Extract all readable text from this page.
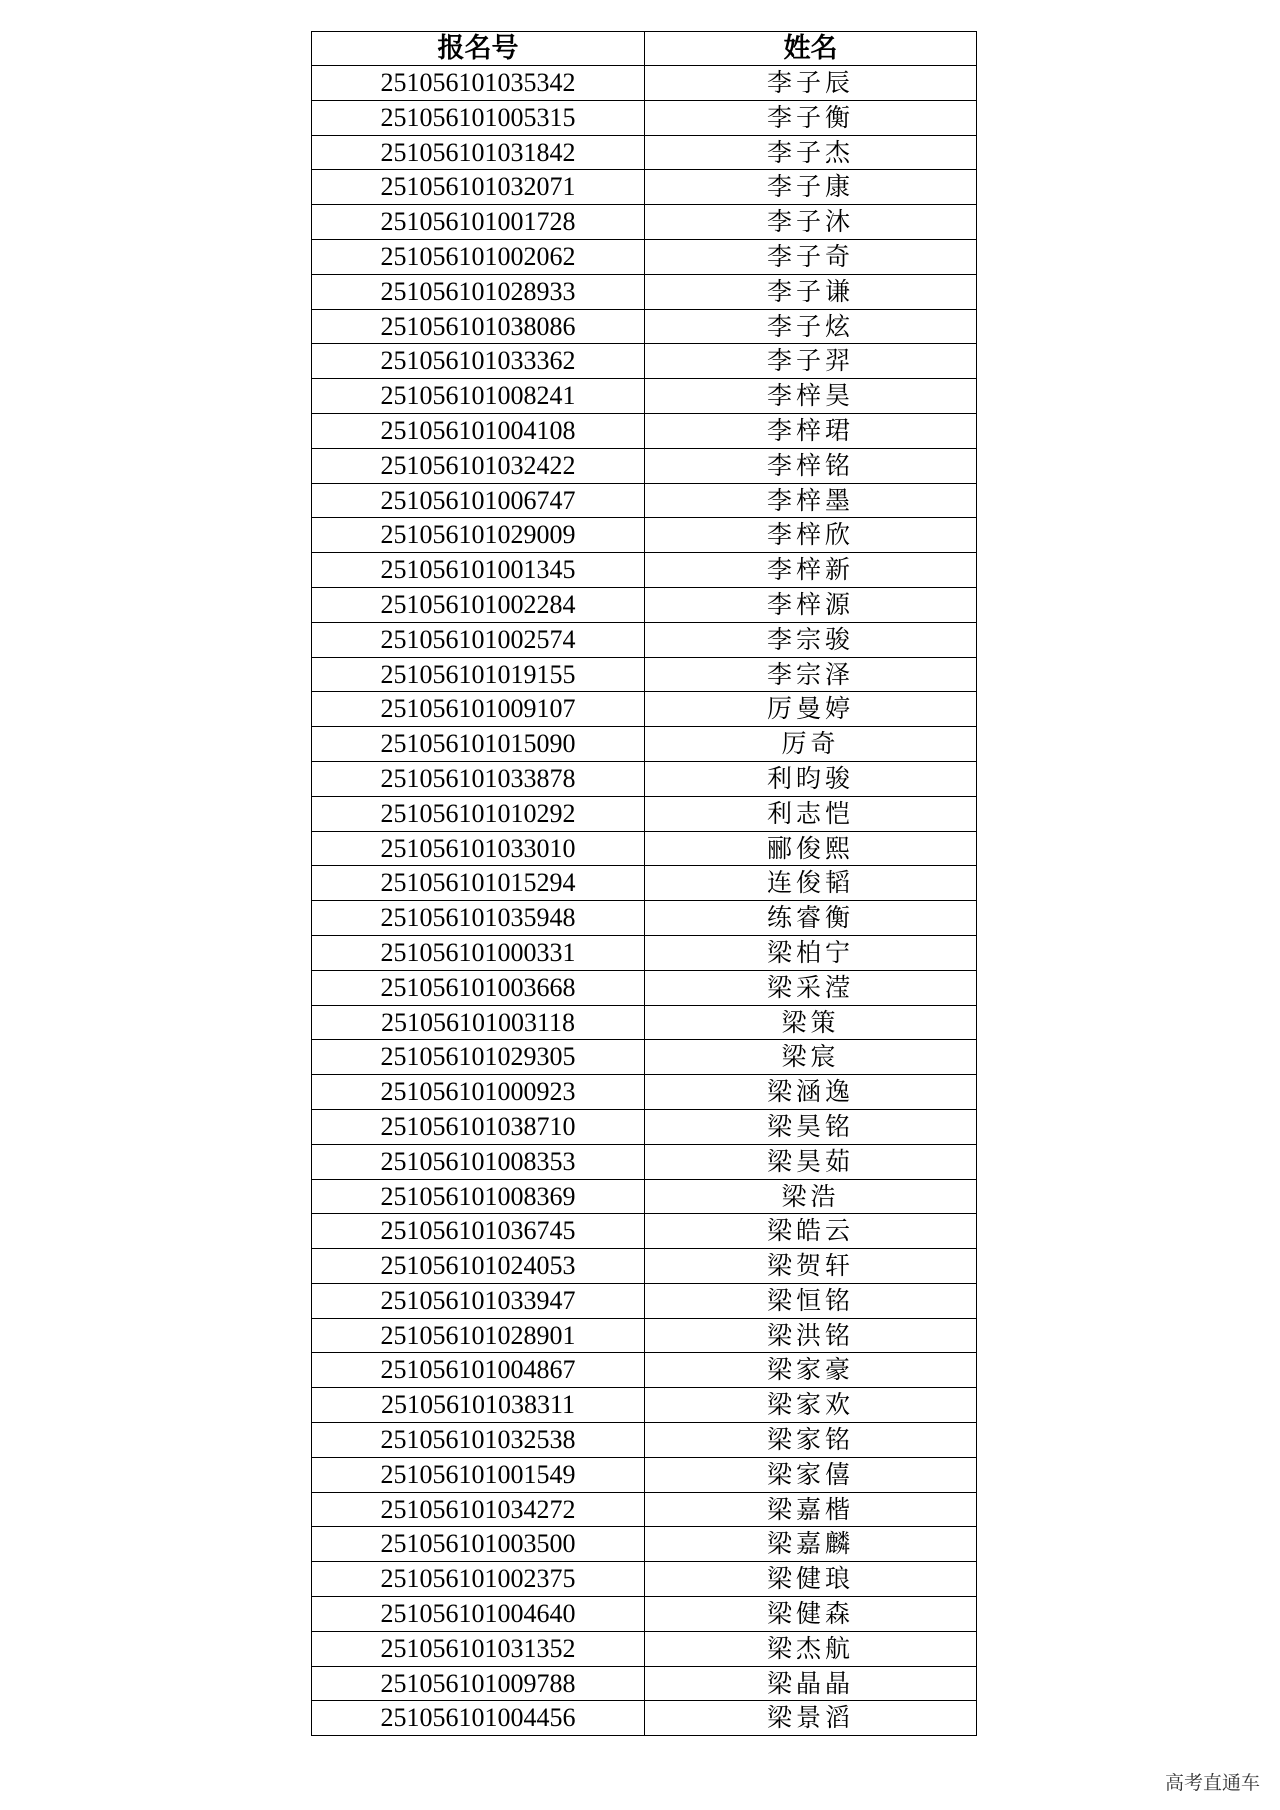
报名号	姓名
251056101035342	李子辰
251056101005315	李子衡
251056101031842	李子杰
251056101032071	李子康
251056101001728	李子沐
251056101002062	李子奇
251056101028933	李子谦
251056101038086	李子炫
251056101033362	李子羿
251056101008241	李梓昊
251056101004108	李梓珺
251056101032422	李梓铭
251056101006747	李梓墨
251056101029009	李梓欣
251056101001345	李梓新
251056101002284	李梓源
251056101002574	李宗骏
251056101019155	李宗泽
251056101009107	厉曼婷
251056101015090	厉奇
251056101033878	利昀骏
251056101010292	利志恺
251056101033010	郦俊熙
251056101015294	连俊韬
251056101035948	练睿衡
251056101000331	梁柏宁
251056101003668	梁采滢
251056101003118	梁策
251056101029305	梁宸
251056101000923	梁涵逸
251056101038710	梁昊铭
251056101008353	梁昊茹
251056101008369	梁浩
251056101036745	梁皓云
251056101024053	梁贺轩
251056101033947	梁恒铭
251056101028901	梁洪铭
251056101004867	梁家豪
251056101038311	梁家欢
251056101032538	梁家铭
251056101001549	梁家僖
251056101034272	梁嘉楷
251056101003500	梁嘉麟
251056101002375	梁健琅
251056101004640	梁健森
251056101031352	梁杰航
251056101009788	梁晶晶
251056101004456	梁景滔
高考直通车
